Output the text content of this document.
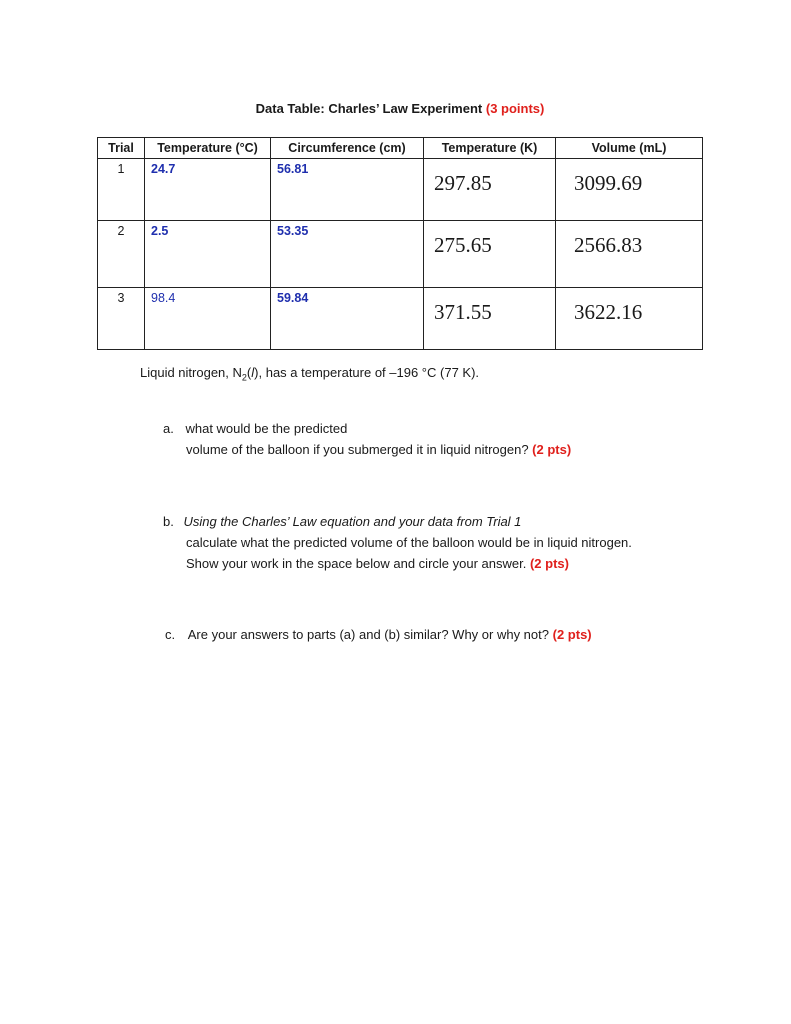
Data Table: Charles’ Law Experiment (3 points)
Trial	Temperature (°C)	Circumference (cm)	Temperature (K)	Volume (mL)
1	24.7	56.81	297.85	3099.69
2	2.5	53.35	275.65	2566.83
3	98.4	59.84	371.55	3622.16
Liquid nitrogen, $N_2(l)$, has a temperature of –196 °C (77 K).
a. what would be the predicted
volume of the balloon if you submerged it in liquid nitrogen? (2 pts)
b. Using the Charles’ Law equation and your data from Trial 1
calculate what the predicted volume of the balloon would be in liquid nitrogen.
Show your work in the space below and circle your answer. (2 pts)
c. Are your answers to parts (a) and (b) similar? Why or why not? (2 pts)
